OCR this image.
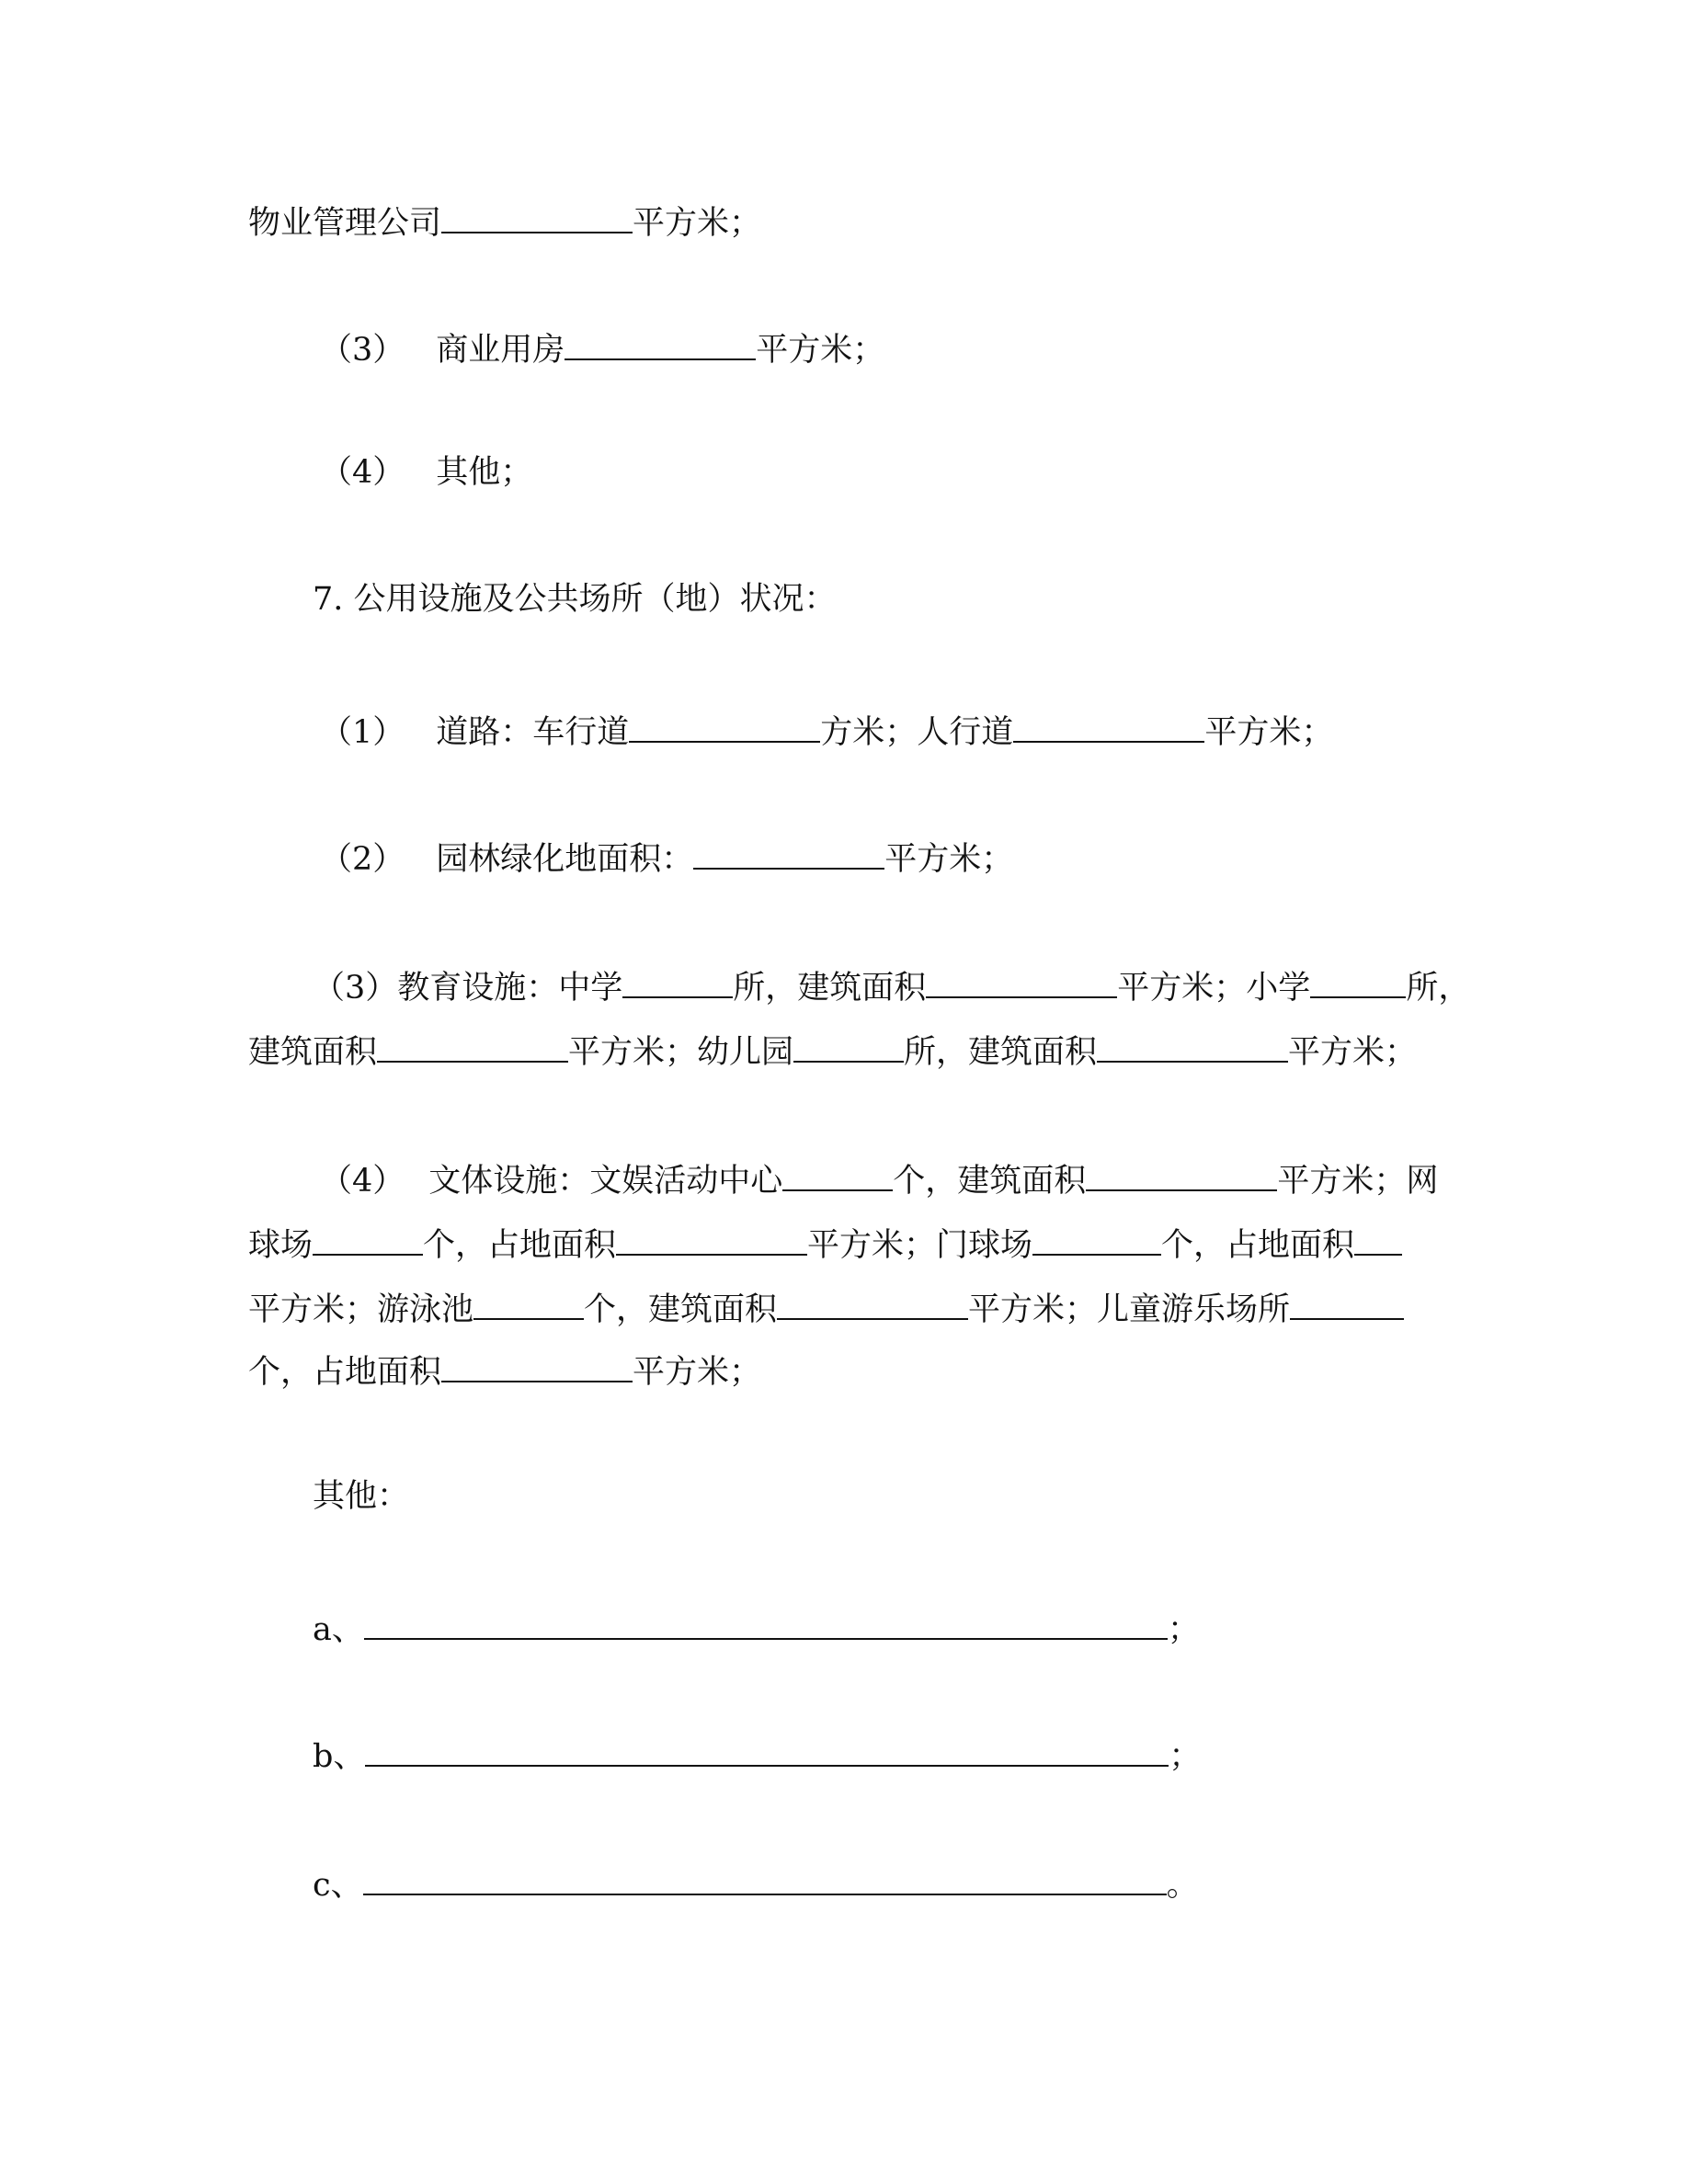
物业管理公司	平方米；
（3） 商业用房	平方米；
（4） 其他；
7. 公用设施及公共场所（地）状况：
（1） 道路：车行道	方米；人行道	平方米；
（2） 园林绿化地面积：	平方米；
（3）教育设施：中学	所，建筑面积	平方米；小学	所，
建筑面积	平方米；幼儿园	所，建筑面积	平方米；
（4） 文体设施：文娱活动中心	个，建筑面积	平方米；网
球场	个，占地面积	平方米；门球场	个，占地面积
平方米；游泳池	个，建筑面积	平方米；儿童游乐场所
个，占地面积	平方米；
其他：
a、	；
b、	；
c、	。
